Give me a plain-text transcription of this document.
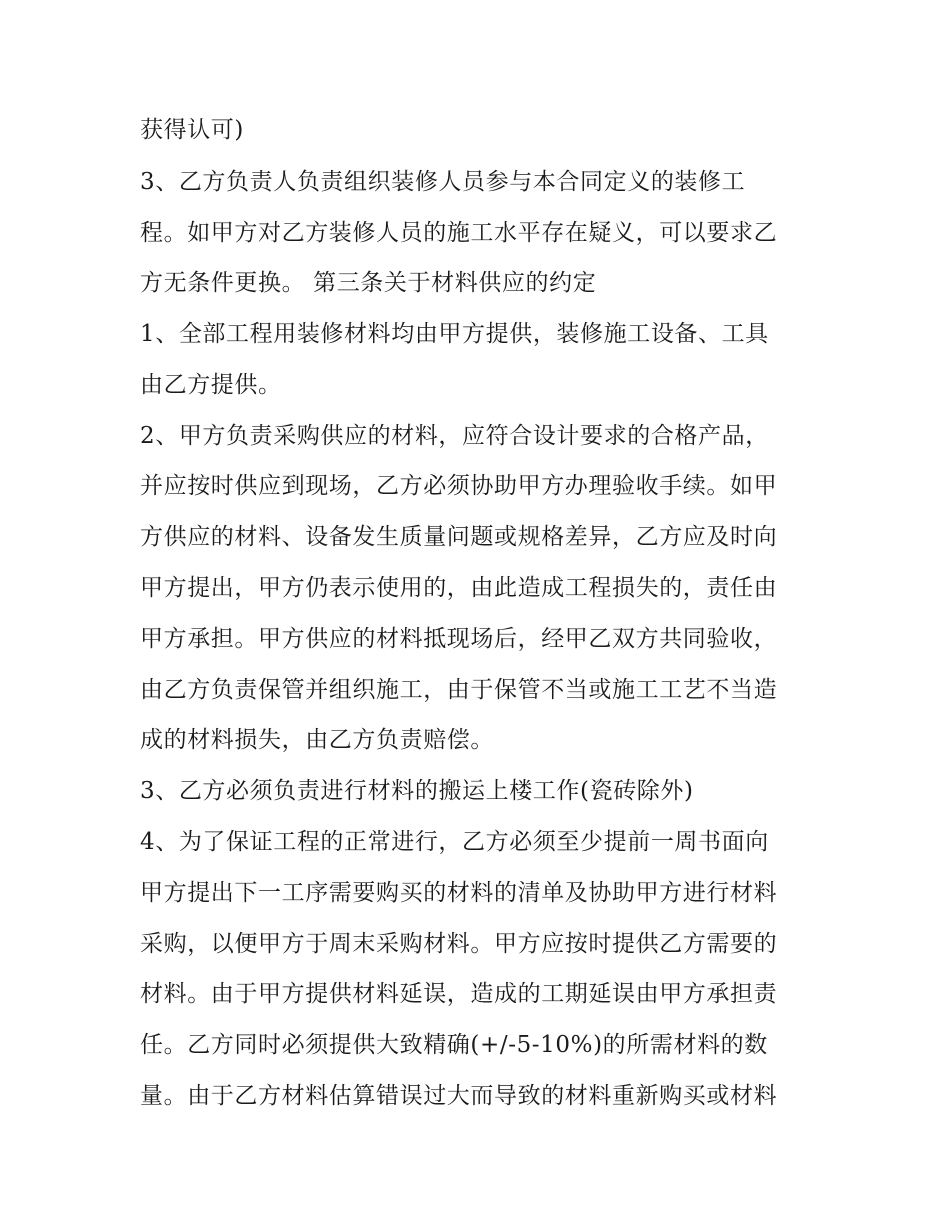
获得认可)
3、乙方负责人负责组织装修人员参与本合同定义的装修工
程。如甲方对乙方装修人员的施工水平存在疑义，可以要求乙
方无条件更换。 第三条关于材料供应的约定
1、全部工程用装修材料均由甲方提供，装修施工设备、工具
由乙方提供。
2、甲方负责采购供应的材料，应符合设计要求的合格产品，
并应按时供应到现场，乙方必须协助甲方办理验收手续。如甲
方供应的材料、设备发生质量问题或规格差异，乙方应及时向
甲方提出，甲方仍表示使用的，由此造成工程损失的，责任由
甲方承担。甲方供应的材料抵现场后，经甲乙双方共同验收，
由乙方负责保管并组织施工，由于保管不当或施工工艺不当造
成的材料损失，由乙方负责赔偿。
3、乙方必须负责进行材料的搬运上楼工作(瓷砖除外)
4、为了保证工程的正常进行，乙方必须至少提前一周书面向
甲方提出下一工序需要购买的材料的清单及协助甲方进行材料
采购，以便甲方于周末采购材料。甲方应按时提供乙方需要的
材料。由于甲方提供材料延误，造成的工期延误由甲方承担责
任。乙方同时必须提供大致精确(+/-5-10%)的所需材料的数
量。由于乙方材料估算错误过大而导致的材料重新购买或材料
